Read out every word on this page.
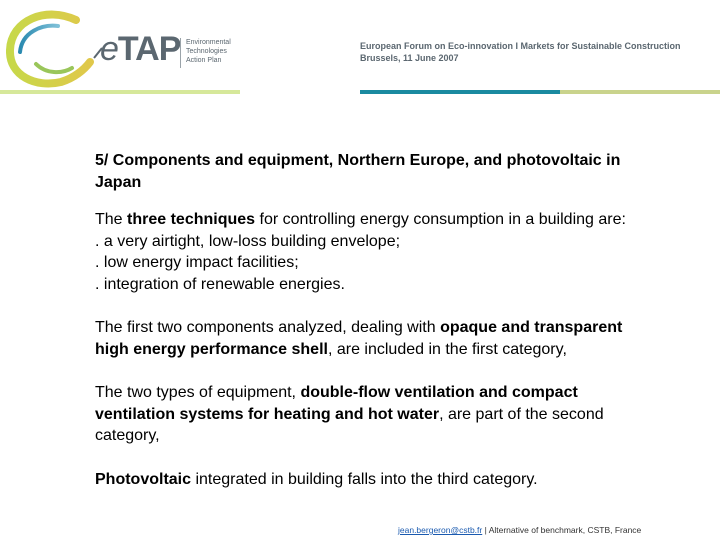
eTAP Environmental
Technologies
Action Plan
European Forum on Eco-innovation I Markets for Sustainable Construction
Brussels, 11 June 2007
5/ Components and equipment, Northern Europe, and photovoltaic in Japan
The three techniques for controlling energy consumption in a building are:
. a very airtight, low-loss building envelope;
. low energy impact facilities;
. integration of renewable energies.
The first two components analyzed, dealing with opaque and transparent high energy performance shell, are included in the first category,
The two types of equipment, double-flow ventilation and compact ventilation systems for heating and hot water, are part of the second category,
Photovoltaic integrated in building falls into the third category.
jean.bergeron@cstb.fr | Alternative of benchmark, CSTB, France
